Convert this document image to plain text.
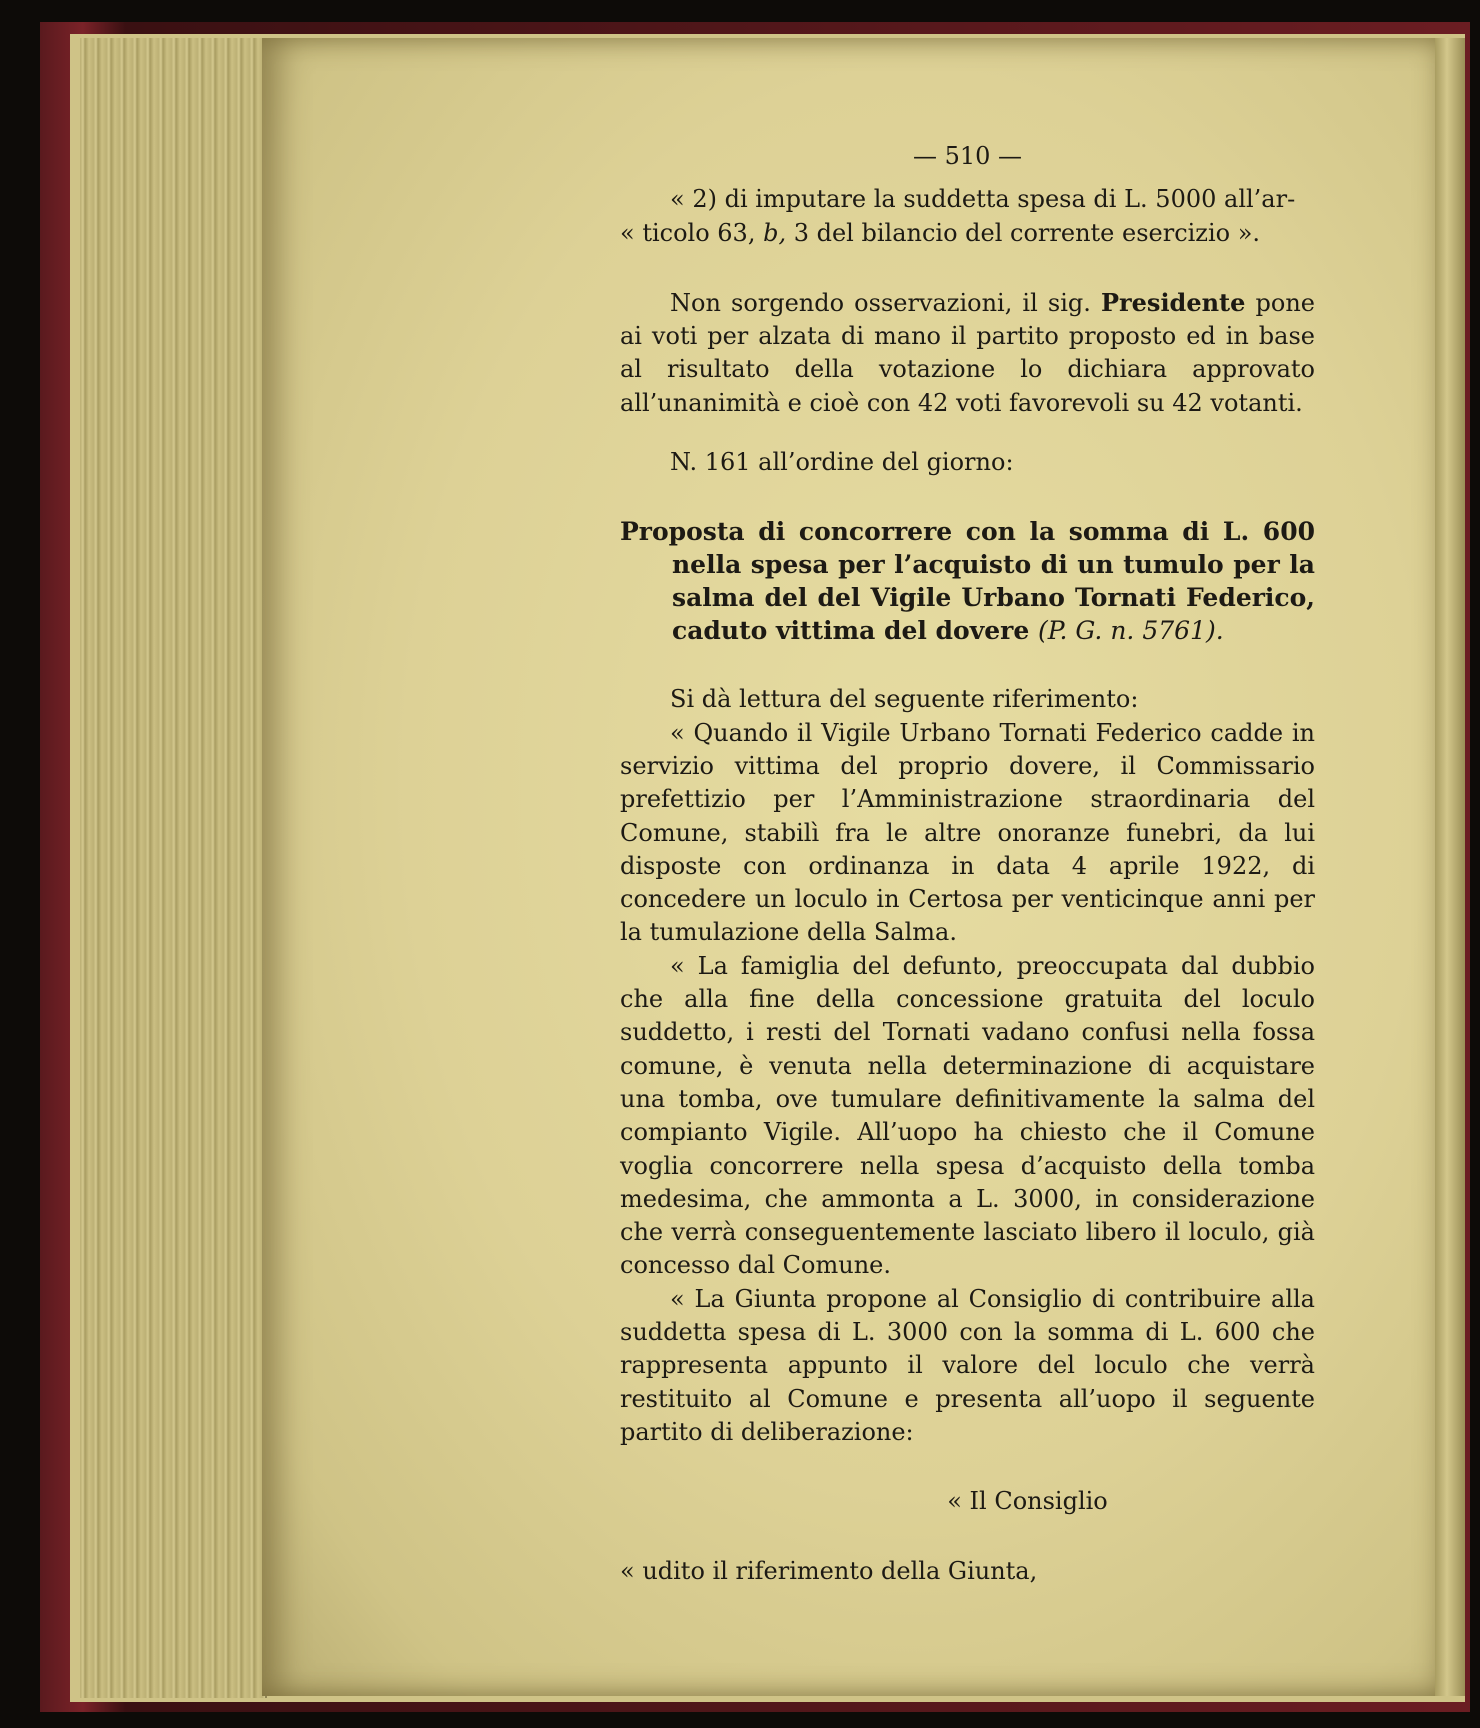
— 510 —

« 2) di imputare la suddetta spesa di L. 5000 all’ar-

« ticolo 63, b, 3 del bilancio del corrente esercizio ».

Non sorgendo osservazioni, il sig. Presidente pone ai voti per alzata di mano il partito proposto ed in base al risultato della votazione lo dichiara approvato all’unanimità e cioè con 42 voti favorevoli su 42 votanti.

N. 161 all’ordine del giorno:

Proposta di concorrere con la somma di L. 600 nella spesa per l’acquisto di un tumulo per la salma del del Vigile Urbano Tornati Federico, caduto vittima del dovere (P. G. n. 5761).

Si dà lettura del seguente riferimento:

« Quando il Vigile Urbano Tornati Federico cadde in servizio vittima del proprio dovere, il Commissario prefettizio per l’Amministrazione straordinaria del Comune, stabilì fra le altre onoranze funebri, da lui disposte con ordinanza in data 4 aprile 1922, di concedere un loculo in Certosa per venticinque anni per la tumulazione della Salma.

« La famiglia del defunto, preoccupata dal dubbio che alla fine della concessione gratuita del loculo suddetto, i resti del Tornati vadano confusi nella fossa comune, è venuta nella determinazione di acquistare una tomba, ove tumulare definitivamente la salma del compianto Vigile. All’uopo ha chiesto che il Comune voglia concorrere nella spesa d’acquisto della tomba medesima, che ammonta a L. 3000, in considerazione che verrà conseguentemente lasciato libero il loculo, già concesso dal Comune.

« La Giunta propone al Consiglio di contribuire alla suddetta spesa di L. 3000 con la somma di L. 600 che rappresenta appunto il valore del loculo che verrà restituito al Comune e presenta all’uopo il seguente partito di deliberazione:

« Il Consiglio

« udito il riferimento della Giunta,
